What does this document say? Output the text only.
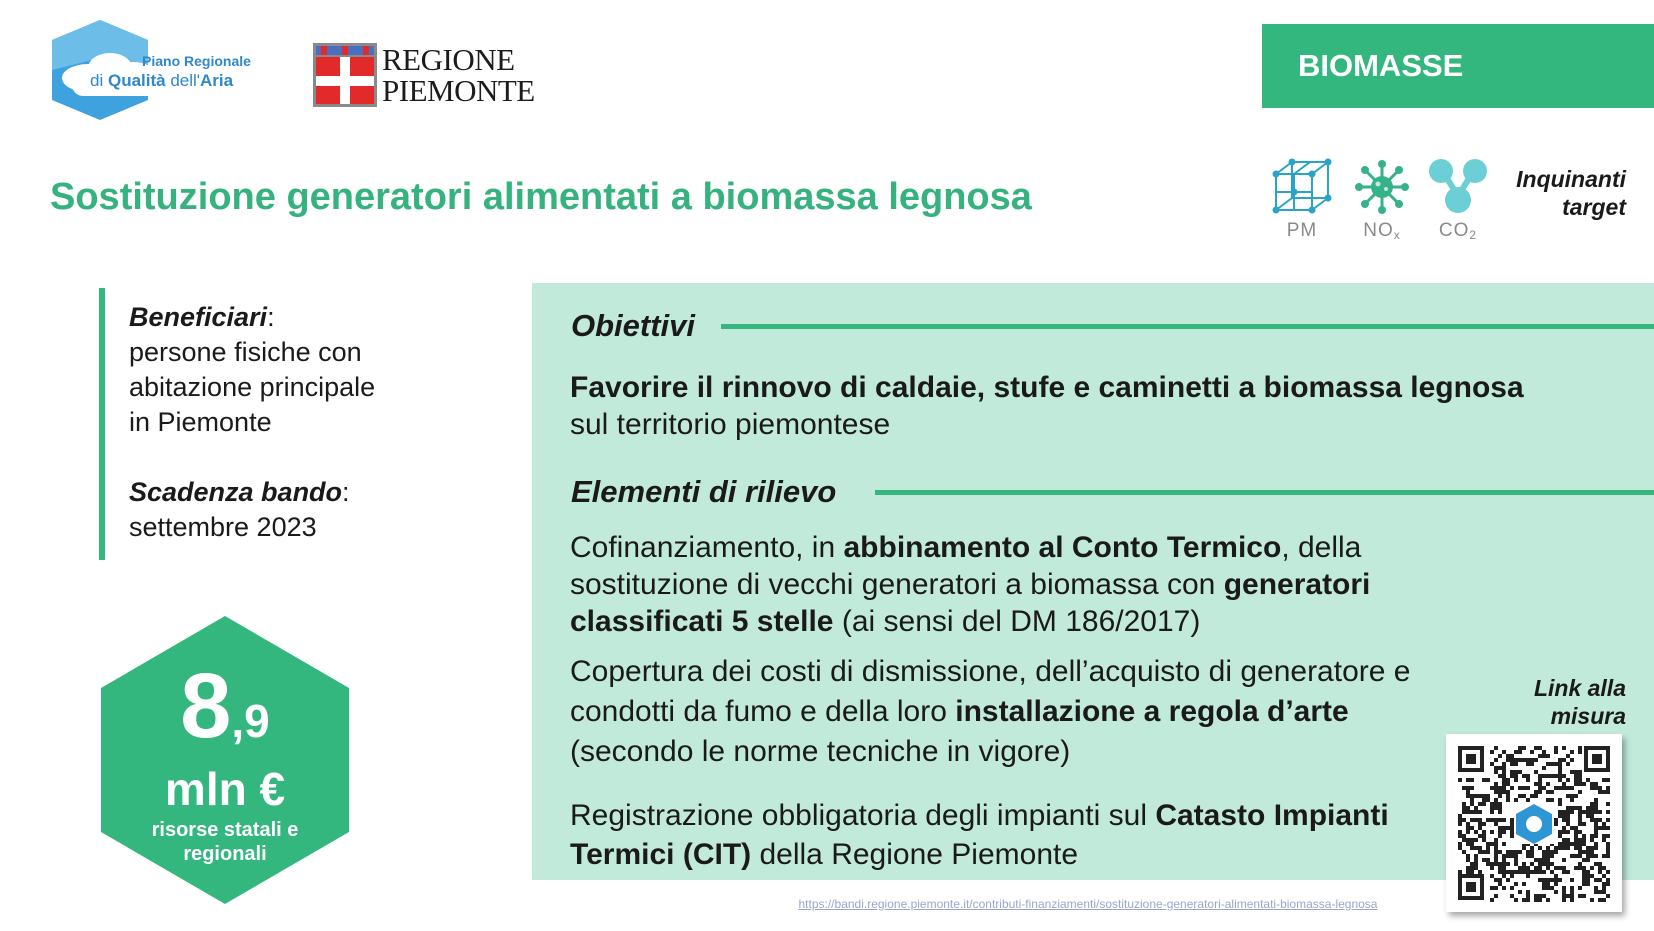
Piano Regionale
di Qualità dell'Aria
REGIONE
PIEMONTE
BIOMASSE
Sostituzione generatori alimentati a biomassa legnosa
PM	$NO_x$	$CO_2$
Inquinanti
target

Beneficiari:

persone fisiche con

abitazione principale

in Piemonte

Scadenza bando:

settembre 2023

8,9
mln €
risorse statali e
regionali
Obiettivi
Favorire il rinnovo di caldaie, stufe e caminetti a biomassa legnosa sul territorio piemontese
Elementi di rilievo
Cofinanziamento, in abbinamento al Conto Termico, della sostituzione di vecchi generatori a biomassa con generatori classificati 5 stelle (ai sensi del DM 186/2017)
Copertura dei costi di dismissione, dell’acquisto di generatore e condotti da fumo e della loro installazione a regola d’arte (secondo le norme tecniche in vigore)
Registrazione obbligatoria degli impianti sul Catasto Impianti Termici (CIT) della Regione Piemonte
Link alla
misura
https://bandi.regione.piemonte.it/contributi-finanziamenti/sostituzione-generatori-alimentati-biomassa-legnosa
